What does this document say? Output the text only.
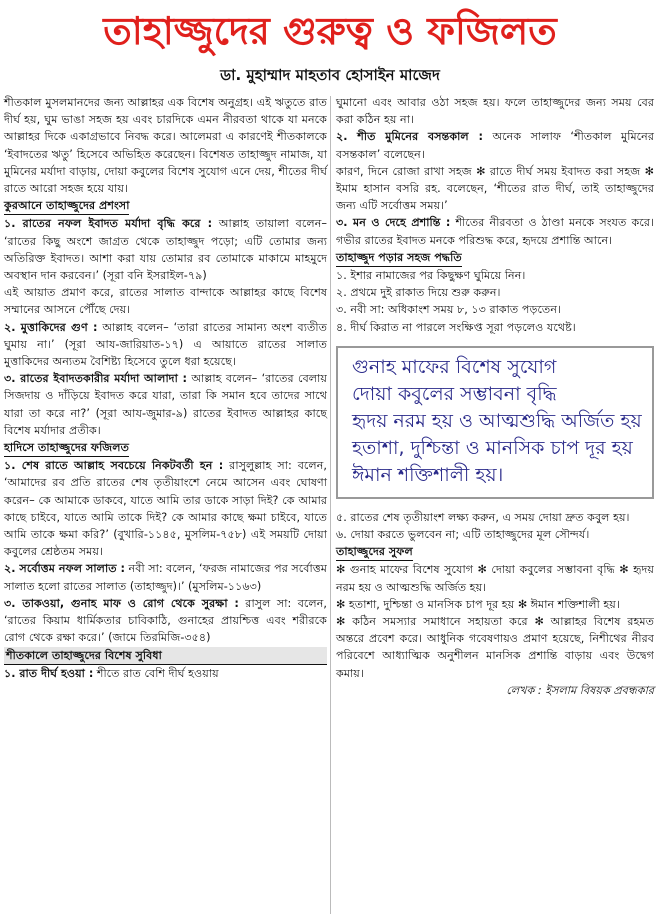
তাহাজ্জুদের গুরুত্ব ও ফজিলত
ডা. মুহাম্মাদ মাহতাব হোসাইন মাজেদ

শীতকাল মুসলমানদের জন্য আল্লাহর এক বিশেষ অনুগ্রহ। এই ঋতুতে রাত দীর্ঘ হয়, ঘুম ভাঙা সহজ হয় এবং চারদিকে এমন নীরবতা থাকে যা মনকে আল্লাহর দিকে একাগ্রভাবে নিবদ্ধ করে। আলেমরা এ কারণেই শীতকালকে ‘ইবাদতের ঋতু’ হিসেবে অভিহিত করেছেন। বিশেষত তাহাজ্জুদ নামাজ, যা মুমিনের মর্যাদা বাড়ায়, দোয়া কবুলের বিশেষ সুযোগ এনে দেয়, শীতের দীর্ঘ রাতে আরো সহজ হয়ে যায়।

কুরআনে তাহাজ্জুদের প্রশংসা

১. রাতের নফল ইবাদত মর্যাদা বৃদ্ধি করে : আল্লাহ তায়ালা বলেন– ‘রাতের কিছু অংশে জাগ্রত থেকে তাহাজ্জুদ পড়ো; এটি তোমার জন্য অতিরিক্ত ইবাদত। আশা করা যায় তোমার রব তোমাকে মাকামে মাহমুদে অবস্থান দান করবেন।’ (সূরা বনি ইসরাইল-৭৯)

এই আয়াত প্রমাণ করে, রাতের সালাত বান্দাকে আল্লাহর কাছে বিশেষ সম্মানের আসনে পৌঁছে দেয়।

২. মুত্তাকিদের গুণ : আল্লাহ বলেন– ‘তারা রাতের সামান্য অংশ ব্যতীত ঘুমায় না।’ (সূরা আয-জারিয়াত-১৭) এ আয়াতে রাতের সালাত মুত্তাকিদের অন্যতম বৈশিষ্ট্য হিসেবে তুলে ধরা হয়েছে।

৩. রাতের ইবাদতকারীর মর্যাদা আলাদা : আল্লাহ বলেন– ‘রাতের বেলায় সিজদায় ও দাঁড়িয়ে ইবাদত করে যারা, তারা কি সমান হবে তাদের সাথে যারা তা করে না?’ (সূরা আয-জুমার-৯) রাতের ইবাদত আল্লাহর কাছে বিশেষ মর্যাদার প্রতীক।

হাদিসে তাহাজ্জুদের ফজিলত

১. শেষ রাতে আল্লাহ সবচেয়ে নিকটবর্তী হন : রাসুলুল্লাহ সা: বলেন, ‘আমাদের রব প্রতি রাতের শেষ তৃতীয়াংশে নেমে আসেন এবং ঘোষণা করেন– কে আমাকে ডাকবে, যাতে আমি তার ডাকে সাড়া দিই? কে আমার কাছে চাইবে, যাতে আমি তাকে দিই? কে আমার কাছে ক্ষমা চাইবে, যাতে আমি তাকে ক্ষমা করি?’ (বুখারি-১১৪৫, মুসলিম-৭৫৮) এই সময়টি দোয়া কবুলের শ্রেষ্ঠতম সময়।

২. সর্বোত্তম নফল সালাত : নবী সা: বলেন, ‘ফরজ নামাজের পর সর্বোত্তম সালাত হলো রাতের সালাত (তাহাজ্জুদ)।’ (মুসলিম-১১৬৩)

৩. তাকওয়া, গুনাহ মাফ ও রোগ থেকে সুরক্ষা : রাসুল সা: বলেন, ‘রাতের কিয়াম ধার্মিকতার চাবিকাঠি, গুনাহের প্রায়শ্চিত্ত এবং শরীরকে রোগ থেকে রক্ষা করে।’ (জামে তিরমিজি-৩৫৪)

শীতকালে তাহাজ্জুদের বিশেষ সুবিধা

১. রাত দীর্ঘ হওয়া : শীতে রাত বেশি দীর্ঘ হওয়ায়

ঘুমানো এবং আবার ওঠা সহজ হয়। ফলে তাহাজ্জুদের জন্য সময় বের করা কঠিন হয় না।

২. শীত মুমিনের বসন্তকাল : অনেক সালাফ ‘শীতকাল মুমিনের বসন্তকাল’ বলেছেন।

কারণ, দিনে রোজা রাখা সহজ ✻ রাতে দীর্ঘ সময় ইবাদত করা সহজ ✻ ইমাম হাসান বসরি রহ. বলেছেন, ‘শীতের রাত দীর্ঘ, তাই তাহাজ্জুদের জন্য এটি সর্বোত্তম সময়।’

৩. মন ও দেহে প্রশান্তি : শীতের নীরবতা ও ঠাণ্ডা মনকে সংযত করে। গভীর রাতের ইবাদত মনকে পরিশুদ্ধ করে, হৃদয়ে প্রশান্তি আনে।

তাহাজ্জুদ পড়ার সহজ পদ্ধতি

১. ইশার নামাজের পর কিছুক্ষণ ঘুমিয়ে নিন।

২. প্রথমে দুই রাকাত দিয়ে শুরু করুন।

৩. নবী সা: অধিকাংশ সময় ৮, ১৩ রাকাত পড়তেন।

৪. দীর্ঘ কিরাত না পারলে সংক্ষিপ্ত সূরা পড়লেও যথেষ্ট।

গুনাহ মাফের বিশেষ সুযোগ
দোয়া কবুলের সম্ভাবনা বৃদ্ধি
হৃদয় নরম হয় ও আত্মশুদ্ধি অর্জিত হয়
হতাশা, দুশ্চিন্তা ও মানসিক চাপ দূর হয়
ঈমান শক্তিশালী হয়।

৫. রাতের শেষ তৃতীয়াংশ লক্ষ্য করুন, এ সময় দোয়া দ্রুত কবুল হয়।

৬. দোয়া করতে ভুলবেন না; এটি তাহাজ্জুদের মূল সৌন্দর্য।

তাহাজ্জুদের সুফল

✻ গুনাহ মাফের বিশেষ সুযোগ ✻ দোয়া কবুলের সম্ভাবনা বৃদ্ধি ✻ হৃদয় নরম হয় ও আত্মশুদ্ধি অর্জিত হয়।

✻ হতাশা, দুশ্চিন্তা ও মানসিক চাপ দূর হয় ✻ ঈমান শক্তিশালী হয়।

✻ কঠিন সমস্যার সমাধানে সহায়তা করে ✻ আল্লাহর বিশেষ রহমত অন্তরে প্রবেশ করে। আধুনিক গবেষণায়ও প্রমাণ হয়েছে, নিশীথের নীরব পরিবেশে আধ্যাত্মিক অনুশীলন মানসিক প্রশান্তি বাড়ায় এবং উদ্বেগ কমায়।

লেখক : ইসলাম বিষয়ক প্রবন্ধকার
